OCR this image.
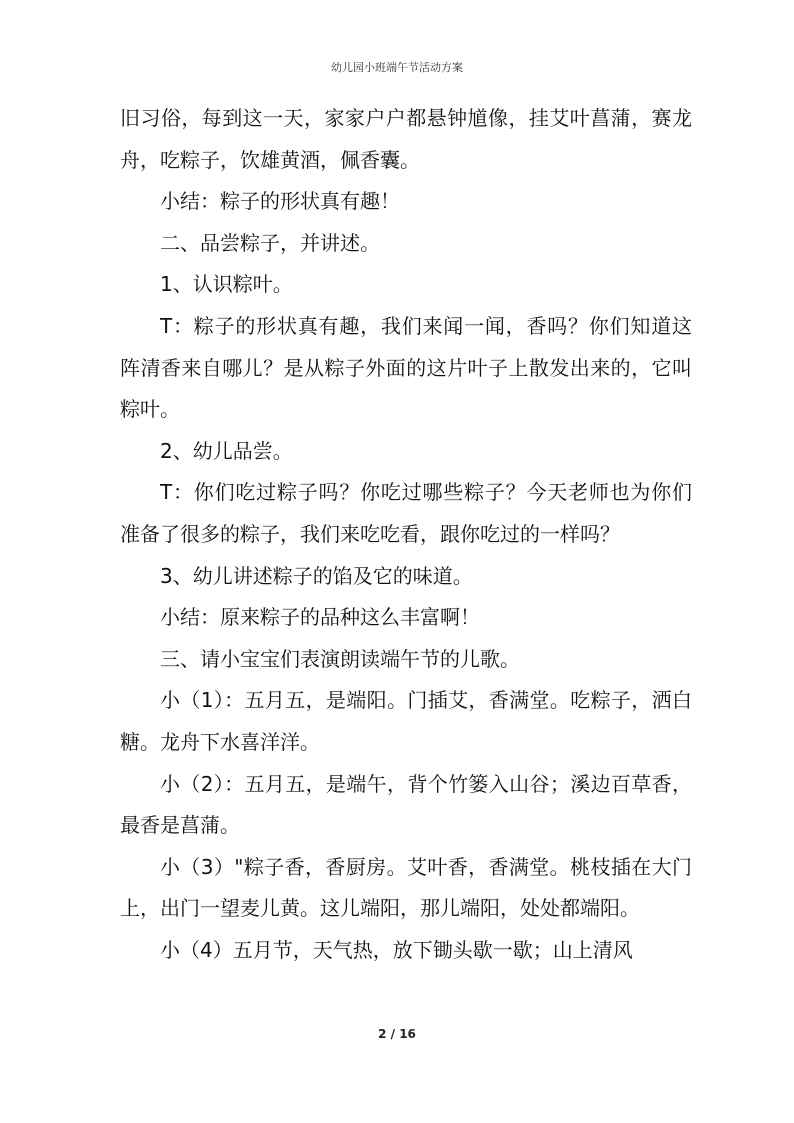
幼儿园小班端午节活动方案

旧习俗，每到这一天，家家户户都悬钟馗像，挂艾叶菖蒲，赛龙舟，吃粽子，饮雄黄酒，佩香囊。

小结：粽子的形状真有趣！

二、品尝粽子，并讲述。

1、认识粽叶。

T：粽子的形状真有趣，我们来闻一闻，香吗？你们知道这阵清香来自哪儿？是从粽子外面的这片叶子上散发出来的，它叫粽叶。

2、幼儿品尝。

T：你们吃过粽子吗？你吃过哪些粽子？今天老师也为你们准备了很多的粽子，我们来吃吃看，跟你吃过的一样吗？

3、幼儿讲述粽子的馅及它的味道。

小结：原来粽子的品种这么丰富啊！

三、请小宝宝们表演朗读端午节的儿歌。

小（1）：五月五，是端阳。门插艾，香满堂。吃粽子，洒白糖。龙舟下水喜洋洋。

小（2）：五月五，是端午，背个竹篓入山谷；溪边百草香，最香是菖蒲。

小（3）"粽子香，香厨房。艾叶香，香满堂。桃枝插在大门上，出门一望麦儿黄。这儿端阳，那儿端阳，处处都端阳。

小（4）五月节，天气热，放下锄头歇一歇；山上清风

2 / 16
